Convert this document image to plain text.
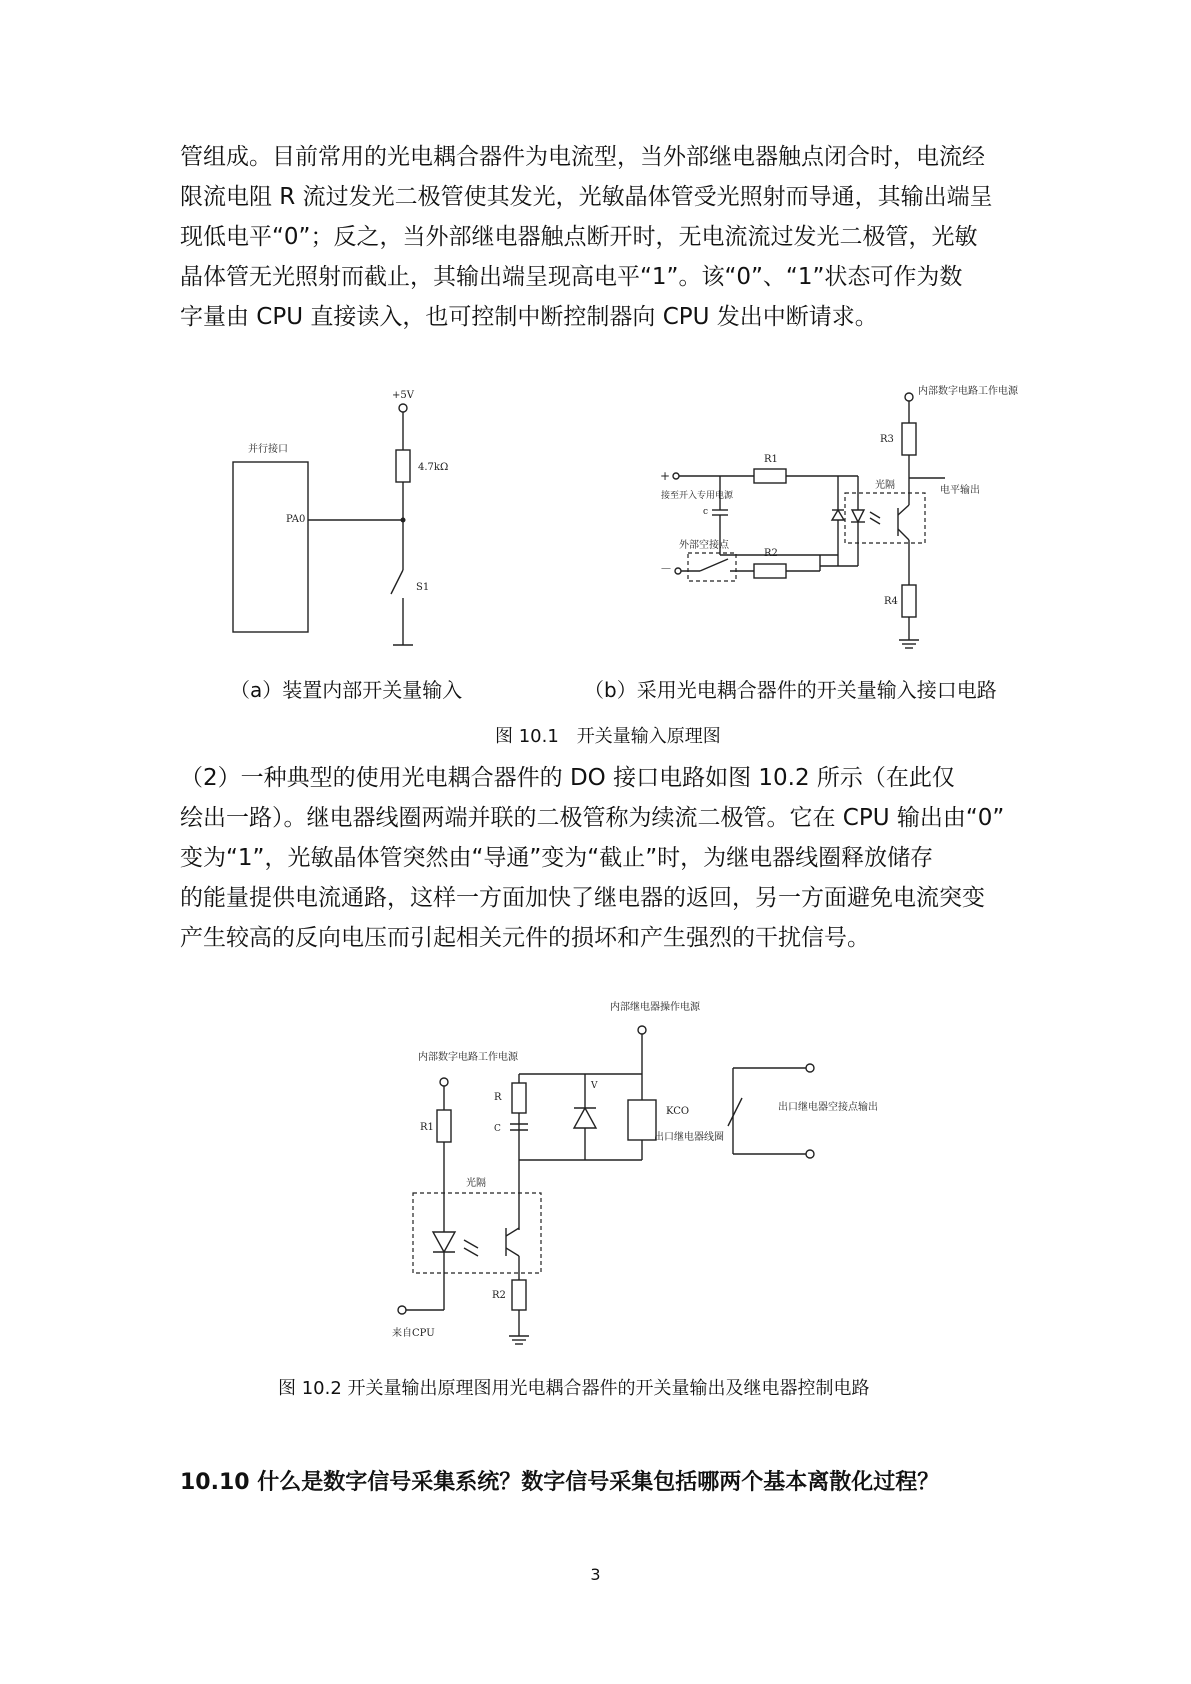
管组成。目前常用的光电耦合器件为电流型，当外部继电器触点闭合时，电流经
限流电阻 R 流过发光二极管使其发光，光敏晶体管受光照射而导通，其输出端呈
现低电平“0”；反之，当外部继电器触点断开时，无电流流过发光二极管，光敏
晶体管无光照射而截止，其输出端呈现高电平“1”。该“0”、“1”状态可作为数
字量由 CPU 直接读入，也可控制中断控制器向 CPU 发出中断请求。
+5V
4.7kΩ
并行接口
PA0
S1
内部数字电路工作电源
R3
电平输出
R4
光隔
+
R1
c
接至开入专用电源
－
外部空接点
R2
（a）装置内部开关量输入	（b）采用光电耦合器件的开关量输入接口电路
图 10.1　开关量输入原理图
（2）一种典型的使用光电耦合器件的 DO 接口电路如图 10.2 所示（在此仅
绘出一路）。继电器线圈两端并联的二极管称为续流二极管。它在 CPU 输出由“0”
变为“1”，光敏晶体管突然由“导通”变为“截止”时，为继电器线圈释放储存
的能量提供电流通路，这样一方面加快了继电器的返回，另一方面避免电流突变
产生较高的反向电压而引起相关元件的损坏和产生强烈的干扰信号。
内部继电器操作电源
R
C
V
KCO
出口继电器线圈
出口继电器空接点输出
R2
内部数字电路工作电源
R1
光隔
来自CPU
图 10.2 开关量输出原理图用光电耦合器件的开关量输出及继电器控制电路
10.10 什么是数字信号采集系统？数字信号采集包括哪两个基本离散化过程？
3
